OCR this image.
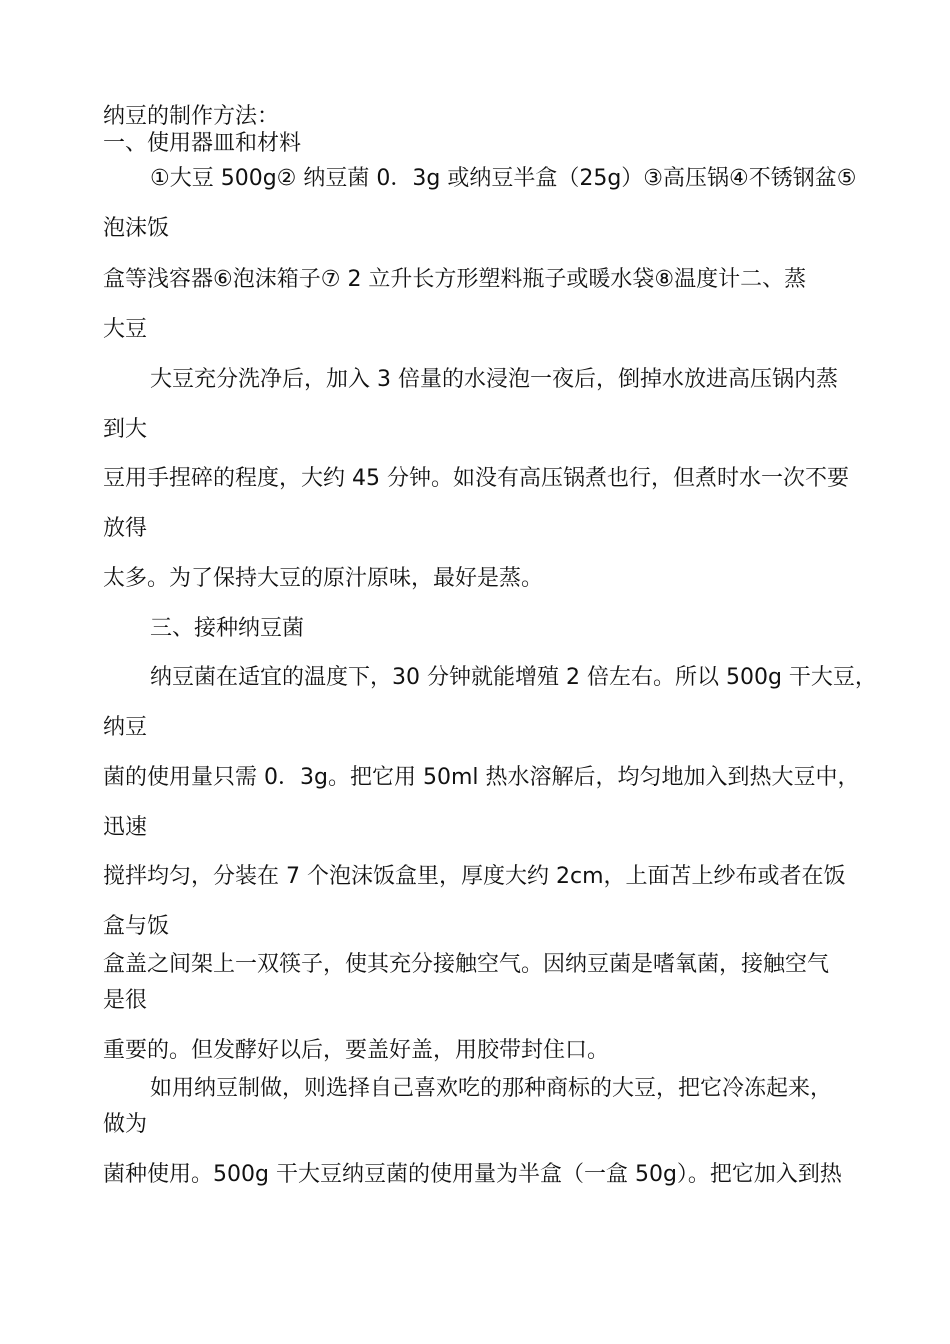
纳豆的制作方法：
一、使用器皿和材料
①大豆 500g② 纳豆菌 0．3g 或纳豆半盒（25g）③高压锅④不锈钢盆⑤
泡沫饭
盒等浅容器⑥泡沫箱子⑦ 2 立升长方形塑料瓶子或暖水袋⑧温度计二、蒸
大豆
大豆充分洗净后，加入 3 倍量的水浸泡一夜后，倒掉水放进高压锅内蒸
到大
豆用手捏碎的程度，大约 45 分钟。如没有高压锅煮也行，但煮时水一次不要
放得
太多。为了保持大豆的原汁原味，最好是蒸。
三、接种纳豆菌
纳豆菌在适宜的温度下，30 分钟就能增殖 2 倍左右。所以 500g 干大豆，
纳豆
菌的使用量只需 0．3g。把它用 50ml 热水溶解后，均匀地加入到热大豆中，
迅速
搅拌均匀，分装在 7 个泡沫饭盒里，厚度大约 2cm，上面苫上纱布或者在饭
盒与饭
盒盖之间架上一双筷子，使其充分接触空气。因纳豆菌是嗜氧菌，接触空气
是很
重要的。但发酵好以后，要盖好盖，用胶带封住口。
如用纳豆制做，则选择自己喜欢吃的那种商标的大豆，把它冷冻起来，
做为
菌种使用。500g 干大豆纳豆菌的使用量为半盒（一盒 50g）。把它加入到热
